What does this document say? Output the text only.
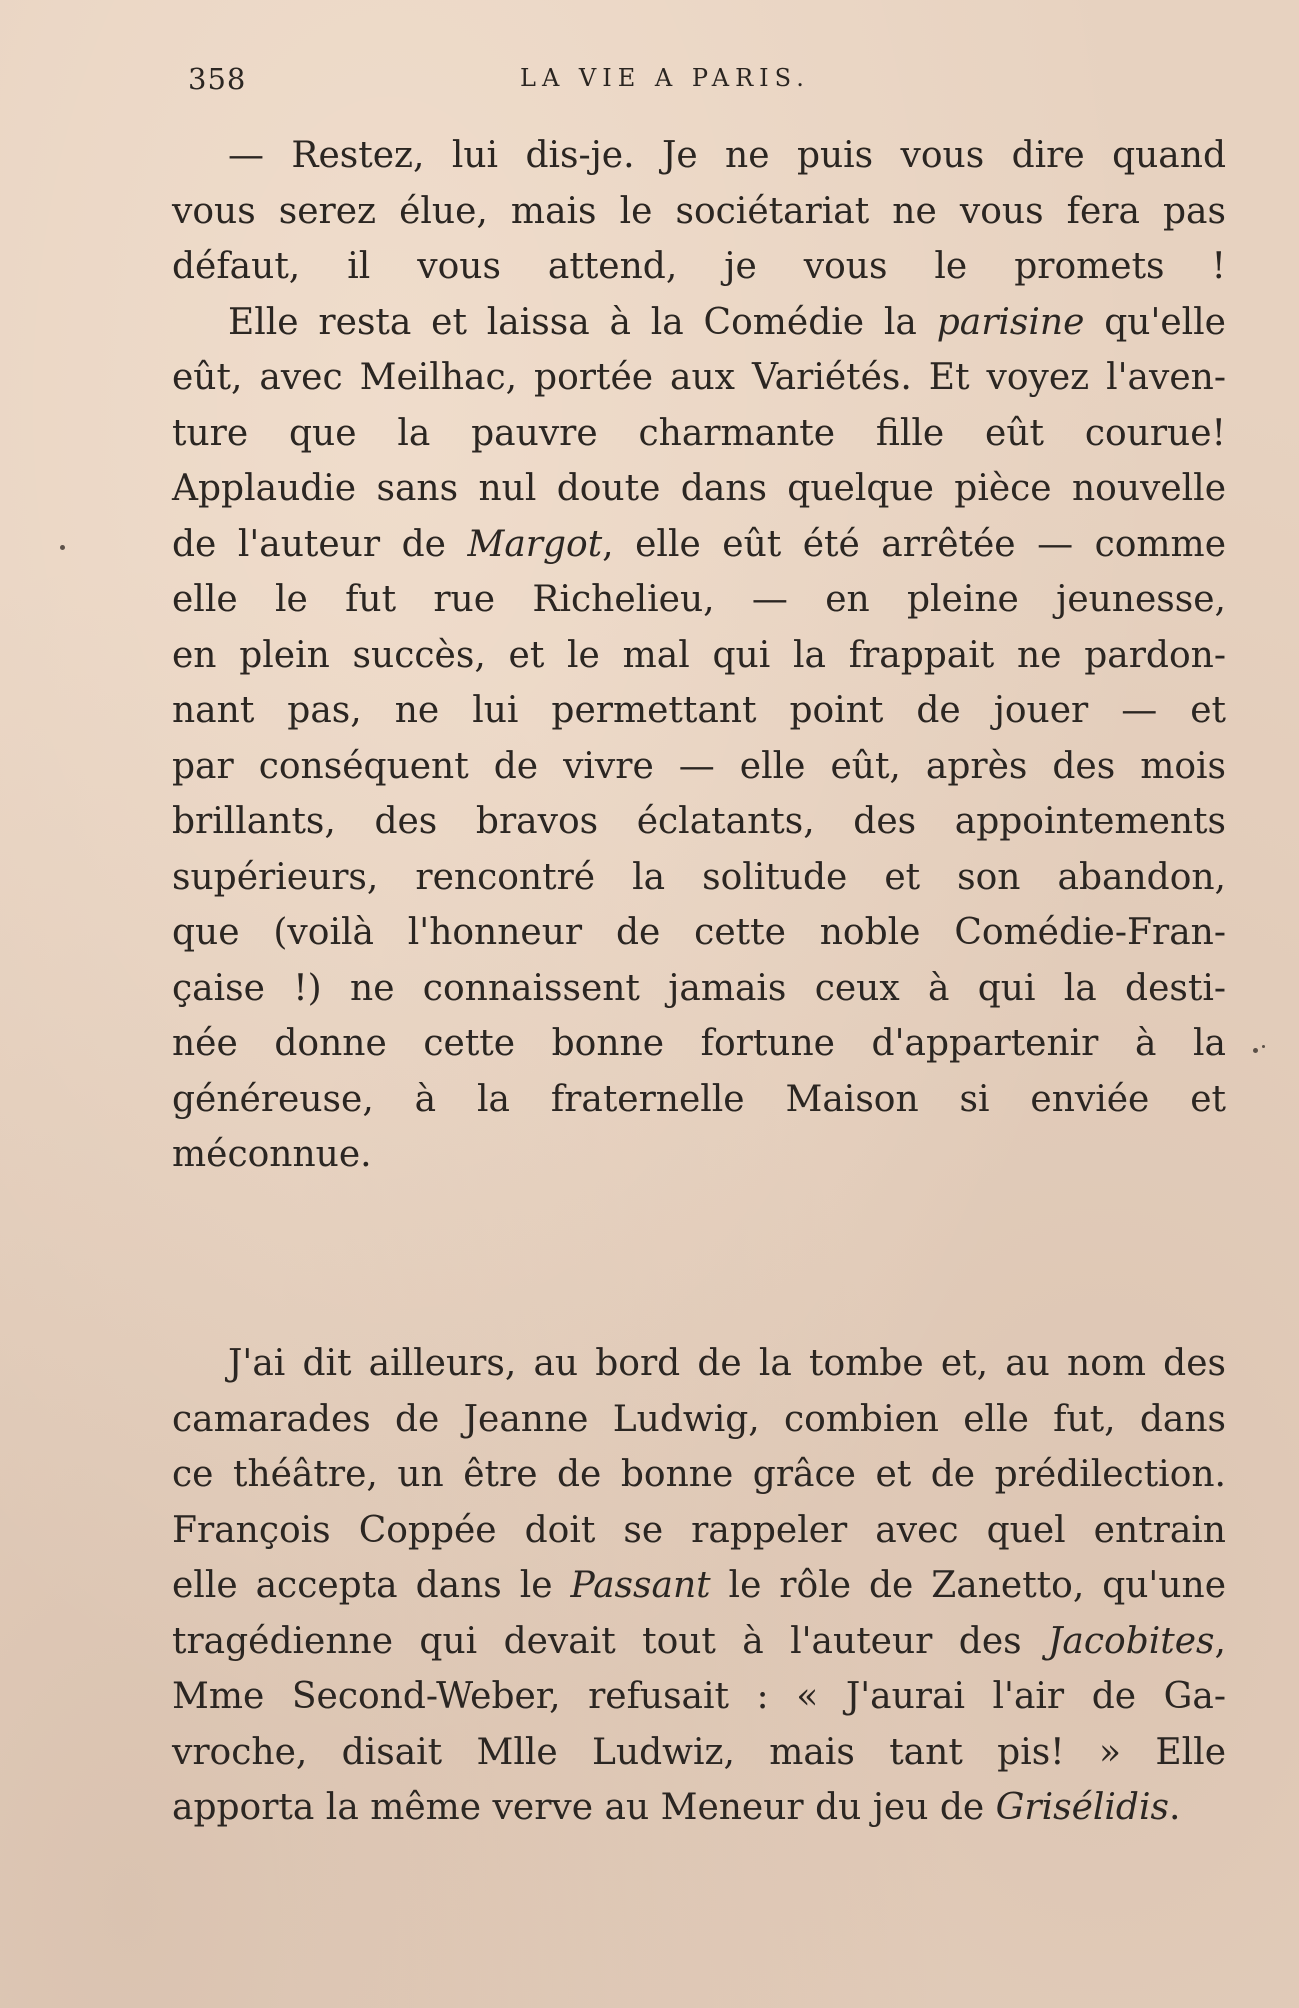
358	LA VIE A PARIS.
— Restez, lui dis-je. Je ne puis vous dire quand
vous serez élue, mais le sociétariat ne vous fera pas
défaut, il vous attend, je vous le promets !
Elle resta et laissa à la Comédie la parisine qu'elle
eût, avec Meilhac, portée aux Variétés. Et voyez l'aven-
ture que la pauvre charmante fille eût courue!
Applaudie sans nul doute dans quelque pièce nouvelle
de l'auteur de Margot, elle eût été arrêtée — comme
elle le fut rue Richelieu, — en pleine jeunesse,
en plein succès, et le mal qui la frappait ne pardon-
nant pas, ne lui permettant point de jouer — et
par conséquent de vivre — elle eût, après des mois
brillants, des bravos éclatants, des appointements
supérieurs, rencontré la solitude et son abandon,
que (voilà l'honneur de cette noble Comédie-Fran-
çaise !) ne connaissent jamais ceux à qui la desti-
née donne cette bonne fortune d'appartenir à la
généreuse, à la fraternelle Maison si enviée et
méconnue.
J'ai dit ailleurs, au bord de la tombe et, au nom des
camarades de Jeanne Ludwig, combien elle fut, dans
ce théâtre, un être de bonne grâce et de prédilection.
François Coppée doit se rappeler avec quel entrain
elle accepta dans le Passant le rôle de Zanetto, qu'une
tragédienne qui devait tout à l'auteur des Jacobites,
Mme Second-Weber, refusait : « J'aurai l'air de Ga-
vroche, disait Mlle Ludwiz, mais tant pis! » Elle
apporta la même verve au Meneur du jeu de Grisélidis.
